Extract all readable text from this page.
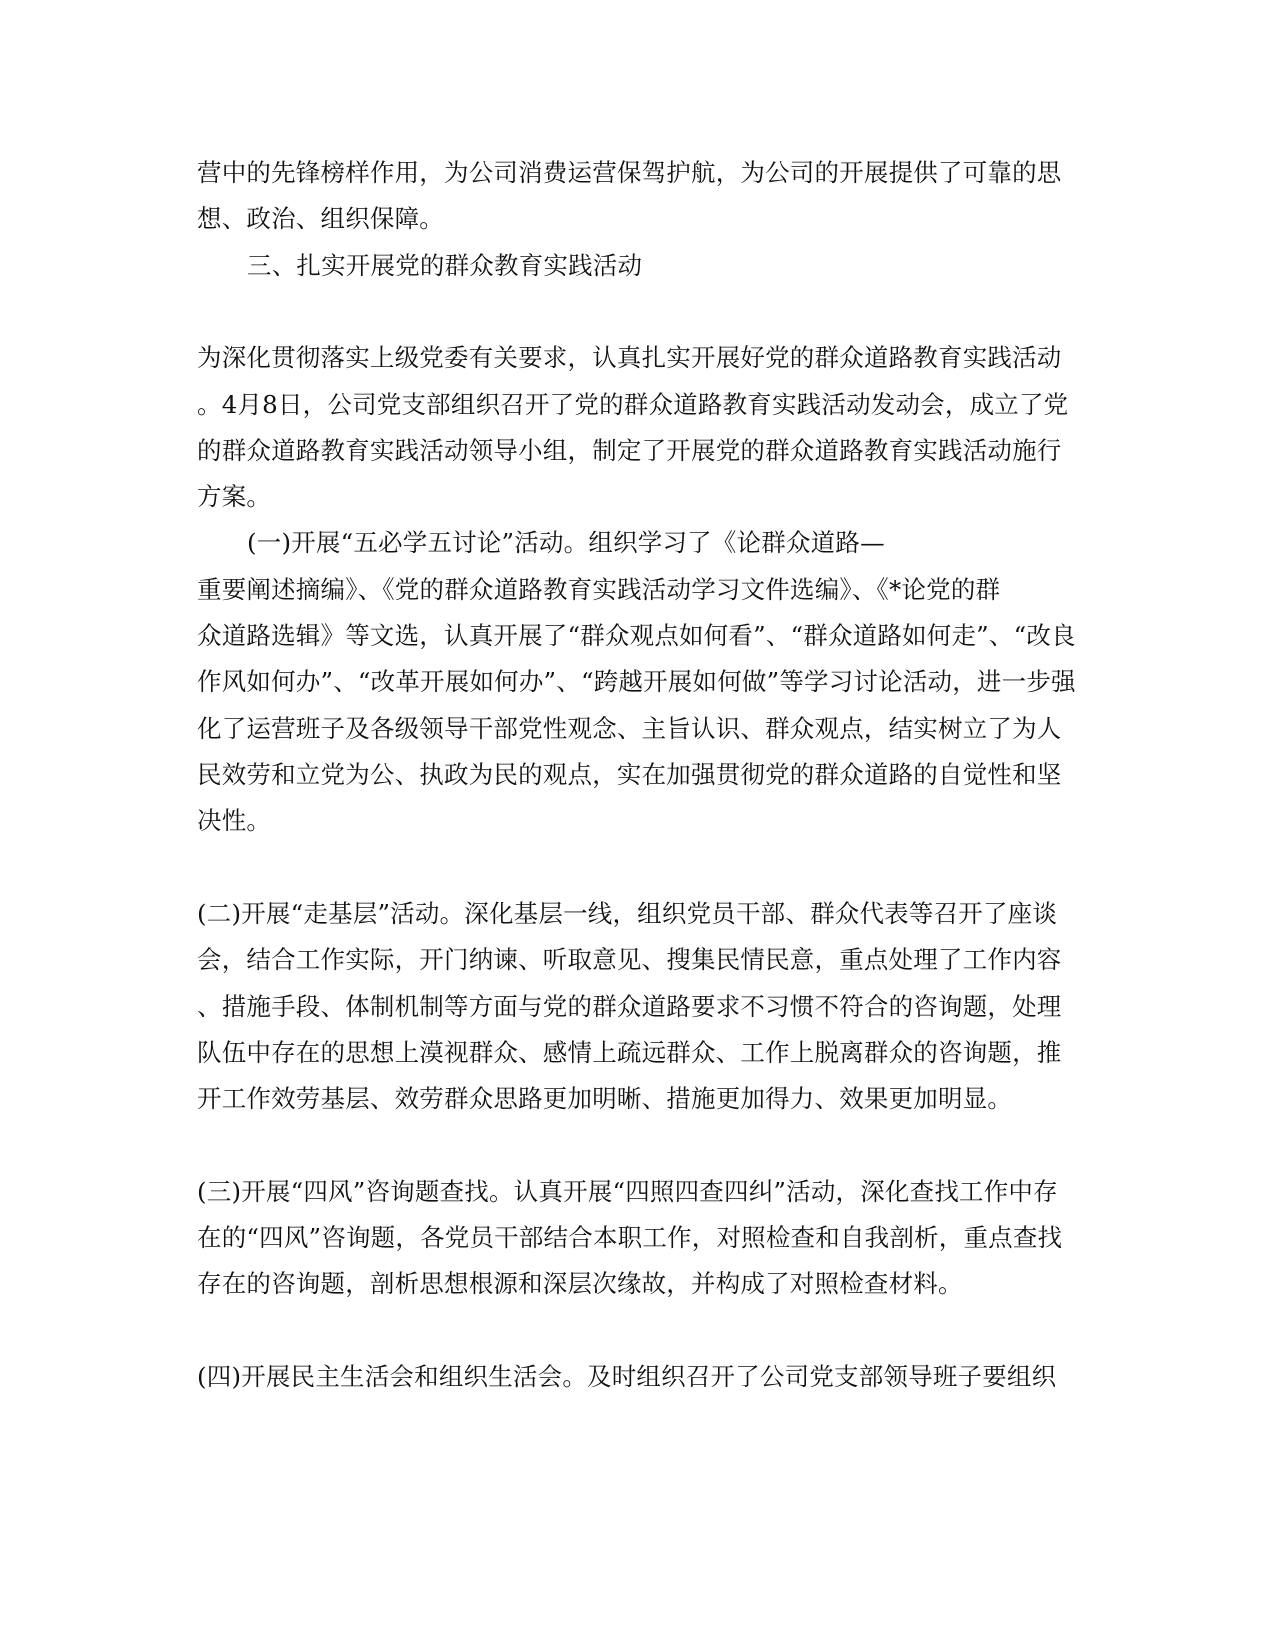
营中的先锋榜样作用，为公司消费运营保驾护航，为公司的开展提供了可靠的思
想、政治、组织保障。
三、扎实开展党的群众教育实践活动
为深化贯彻落实上级党委有关要求，认真扎实开展好党的群众道路教育实践活动
。4月8日，公司党支部组织召开了党的群众道路教育实践活动发动会，成立了党
的群众道路教育实践活动领导小组，制定了开展党的群众道路教育实践活动施行
方案。
(一)开展“五必学五讨论”活动。组织学习了《论群众道路—
重要阐述摘编》、《党的群众道路教育实践活动学习文件选编》、《*论党的群
众道路选辑》等文选，认真开展了“群众观点如何看”、“群众道路如何走”、“改良
作风如何办”、“改革开展如何办”、“跨越开展如何做”等学习讨论活动，进一步强
化了运营班子及各级领导干部党性观念、主旨认识、群众观点，结实树立了为人
民效劳和立党为公、执政为民的观点，实在加强贯彻党的群众道路的自觉性和坚
决性。
(二)开展“走基层”活动。深化基层一线，组织党员干部、群众代表等召开了座谈
会，结合工作实际，开门纳谏、听取意见、搜集民情民意，重点处理了工作内容
、措施手段、体制机制等方面与党的群众道路要求不习惯不符合的咨询题，处理
队伍中存在的思想上漠视群众、感情上疏远群众、工作上脱离群众的咨询题，推
开工作效劳基层、效劳群众思路更加明晰、措施更加得力、效果更加明显。
(三)开展“四风”咨询题查找。认真开展“四照四查四纠”活动，深化查找工作中存
在的“四风”咨询题，各党员干部结合本职工作，对照检查和自我剖析，重点查找
存在的咨询题，剖析思想根源和深层次缘故，并构成了对照检查材料。
(四)开展民主生活会和组织生活会。及时组织召开了公司党支部领导班子要组织
